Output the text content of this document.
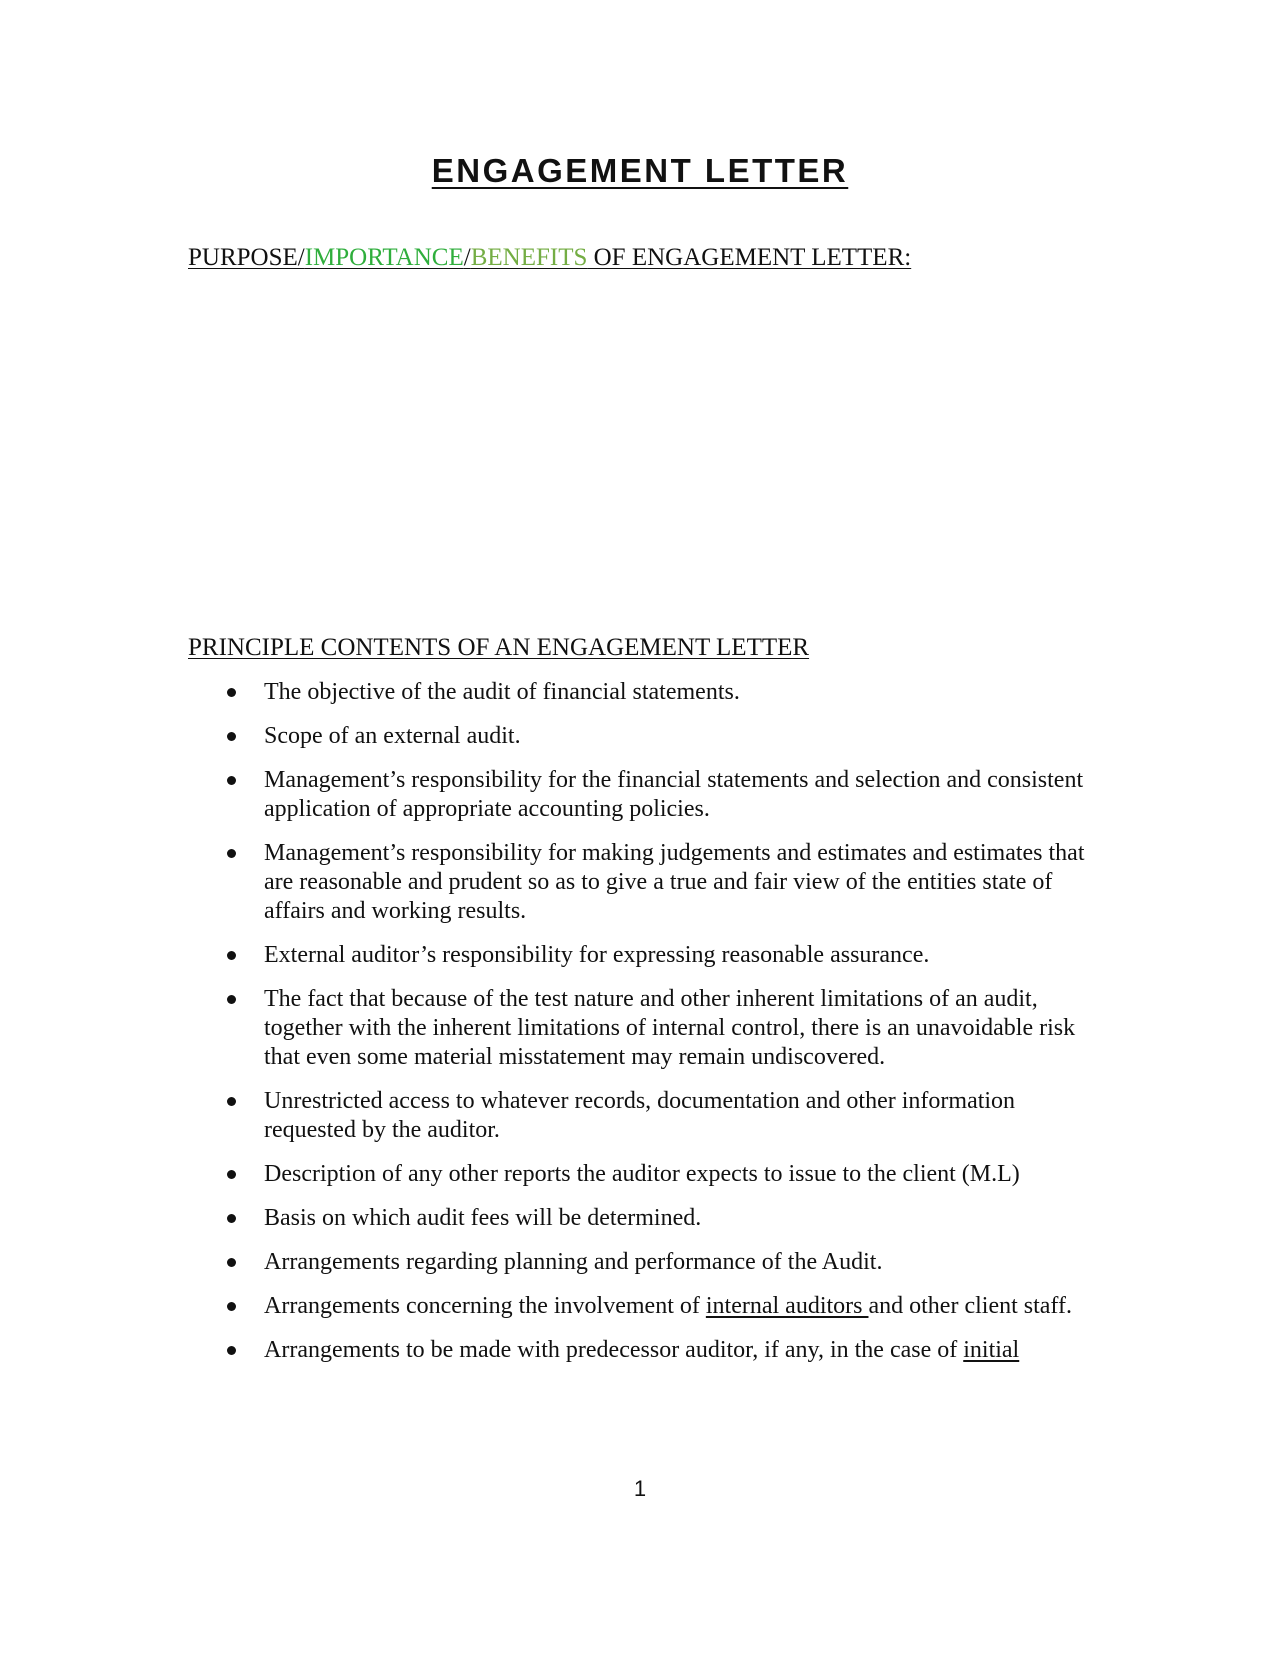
ENGAGEMENT LETTER

PURPOSE/IMPORTANCE/BENEFITS OF ENGAGEMENT LETTER:

PRINCIPLE CONTENTS OF AN ENGAGEMENT LETTER

The objective of the audit of financial statements.
Scope of an external audit.
Management’s responsibility for the financial statements and selection and consistent application of appropriate accounting policies.
Management’s responsibility for making judgements and estimates and estimates that are reasonable and prudent so as to give a true and fair view of the entities state of affairs and working results.
External auditor’s responsibility for expressing reasonable assurance.
The fact that because of the test nature and other inherent limitations of an audit, together with the inherent limitations of internal control, there is an unavoidable risk that even some material misstatement may remain undiscovered.
Unrestricted access to whatever records, documentation and other information requested by the auditor.
Description of any other reports the auditor expects to issue to the client (M.L)
Basis on which audit fees will be determined.
Arrangements regarding planning and performance of the Audit.
Arrangements concerning the involvement of internal auditors and other client staff.
Arrangements to be made with predecessor auditor, if any, in the case of initial

1
